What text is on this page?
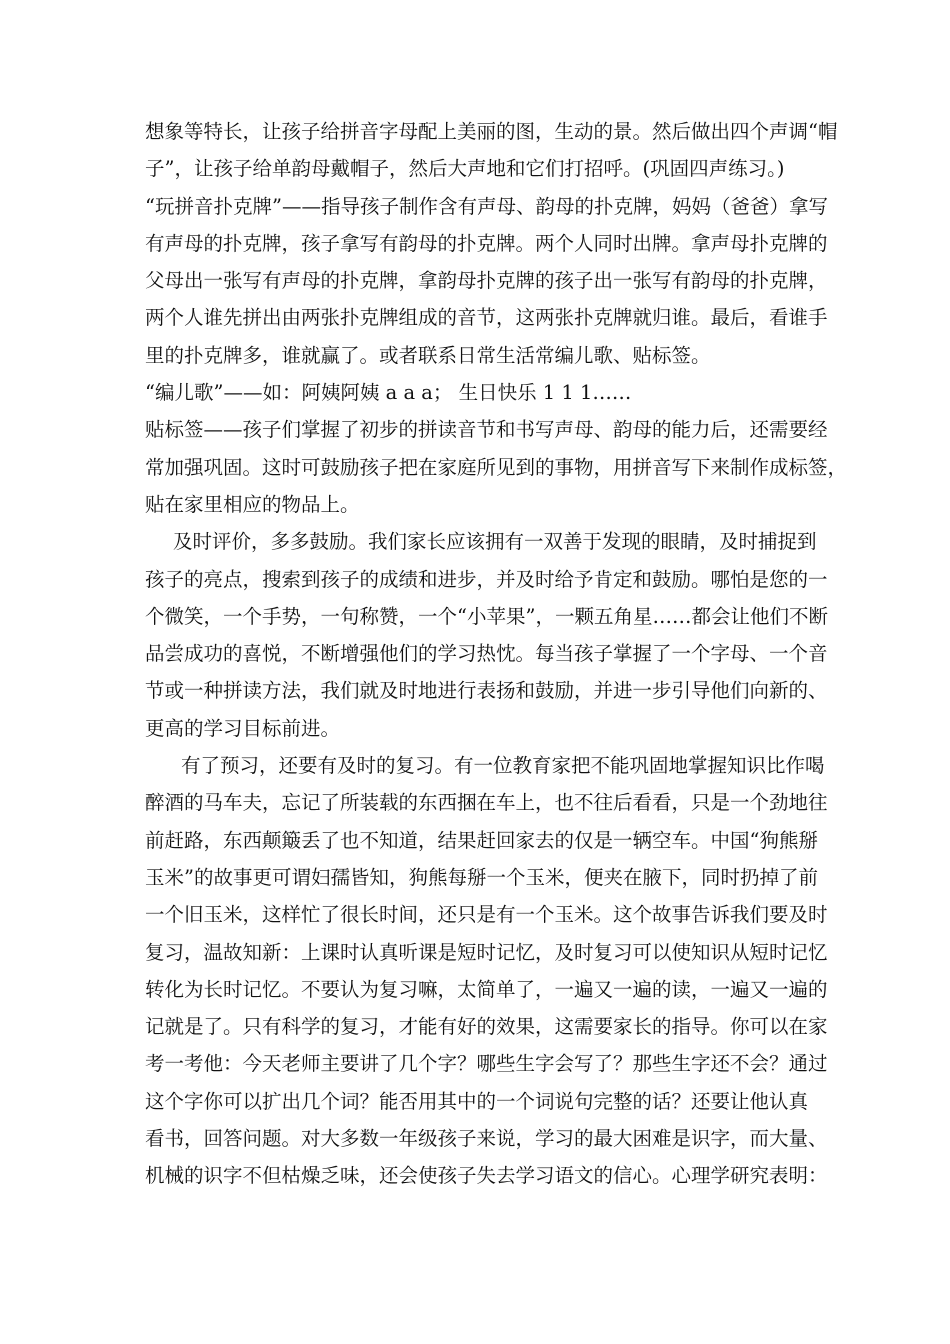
想象等特长，让孩子给拼音字母配上美丽的图，生动的景。然后做出四个声调“帽
子”，让孩子给单韵母戴帽子，然后大声地和它们打招呼。(巩固四声练习。)
“玩拼音扑克牌”——指导孩子制作含有声母、韵母的扑克牌，妈妈（爸爸）拿写
有声母的扑克牌，孩子拿写有韵母的扑克牌。两个人同时出牌。拿声母扑克牌的
父母出一张写有声母的扑克牌，拿韵母扑克牌的孩子出一张写有韵母的扑克牌，
两个人谁先拼出由两张扑克牌组成的音节，这两张扑克牌就归谁。最后，看谁手
里的扑克牌多，谁就赢了。或者联系日常生活常编儿歌、贴标签。
“编儿歌”——如：阿姨阿姨 a a a； 生日快乐 1 1 1……
贴标签——孩子们掌握了初步的拼读音节和书写声母、韵母的能力后，还需要经
常加强巩固。这时可鼓励孩子把在家庭所见到的事物，用拼音写下来制作成标签，
贴在家里相应的物品上。
及时评价，多多鼓励。我们家长应该拥有一双善于发现的眼睛，及时捕捉到
孩子的亮点，搜索到孩子的成绩和进步，并及时给予肯定和鼓励。哪怕是您的一
个微笑，一个手势，一句称赞，一个“小苹果”，一颗五角星……都会让他们不断
品尝成功的喜悦，不断增强他们的学习热忱。每当孩子掌握了一个字母、一个音
节或一种拼读方法，我们就及时地进行表扬和鼓励，并进一步引导他们向新的、
更高的学习目标前进。
有了预习，还要有及时的复习。有一位教育家把不能巩固地掌握知识比作喝
醉酒的马车夫，忘记了所装载的东西捆在车上，也不往后看看，只是一个劲地往
前赶路，东西颠簸丢了也不知道，结果赶回家去的仅是一辆空车。中国“狗熊掰
玉米”的故事更可谓妇孺皆知，狗熊每掰一个玉米，便夹在腋下，同时扔掉了前
一个旧玉米，这样忙了很长时间，还只是有一个玉米。这个故事告诉我们要及时
复习，温故知新：上课时认真听课是短时记忆，及时复习可以使知识从短时记忆
转化为长时记忆。不要认为复习嘛，太简单了，一遍又一遍的读，一遍又一遍的
记就是了。只有科学的复习，才能有好的效果，这需要家长的指导。你可以在家
考一考他：今天老师主要讲了几个字？哪些生字会写了？那些生字还不会？通过
这个字你可以扩出几个词？能否用其中的一个词说句完整的话？还要让他认真
看书，回答问题。对大多数一年级孩子来说，学习的最大困难是识字，而大量、
机械的识字不但枯燥乏味，还会使孩子失去学习语文的信心。心理学研究表明：
